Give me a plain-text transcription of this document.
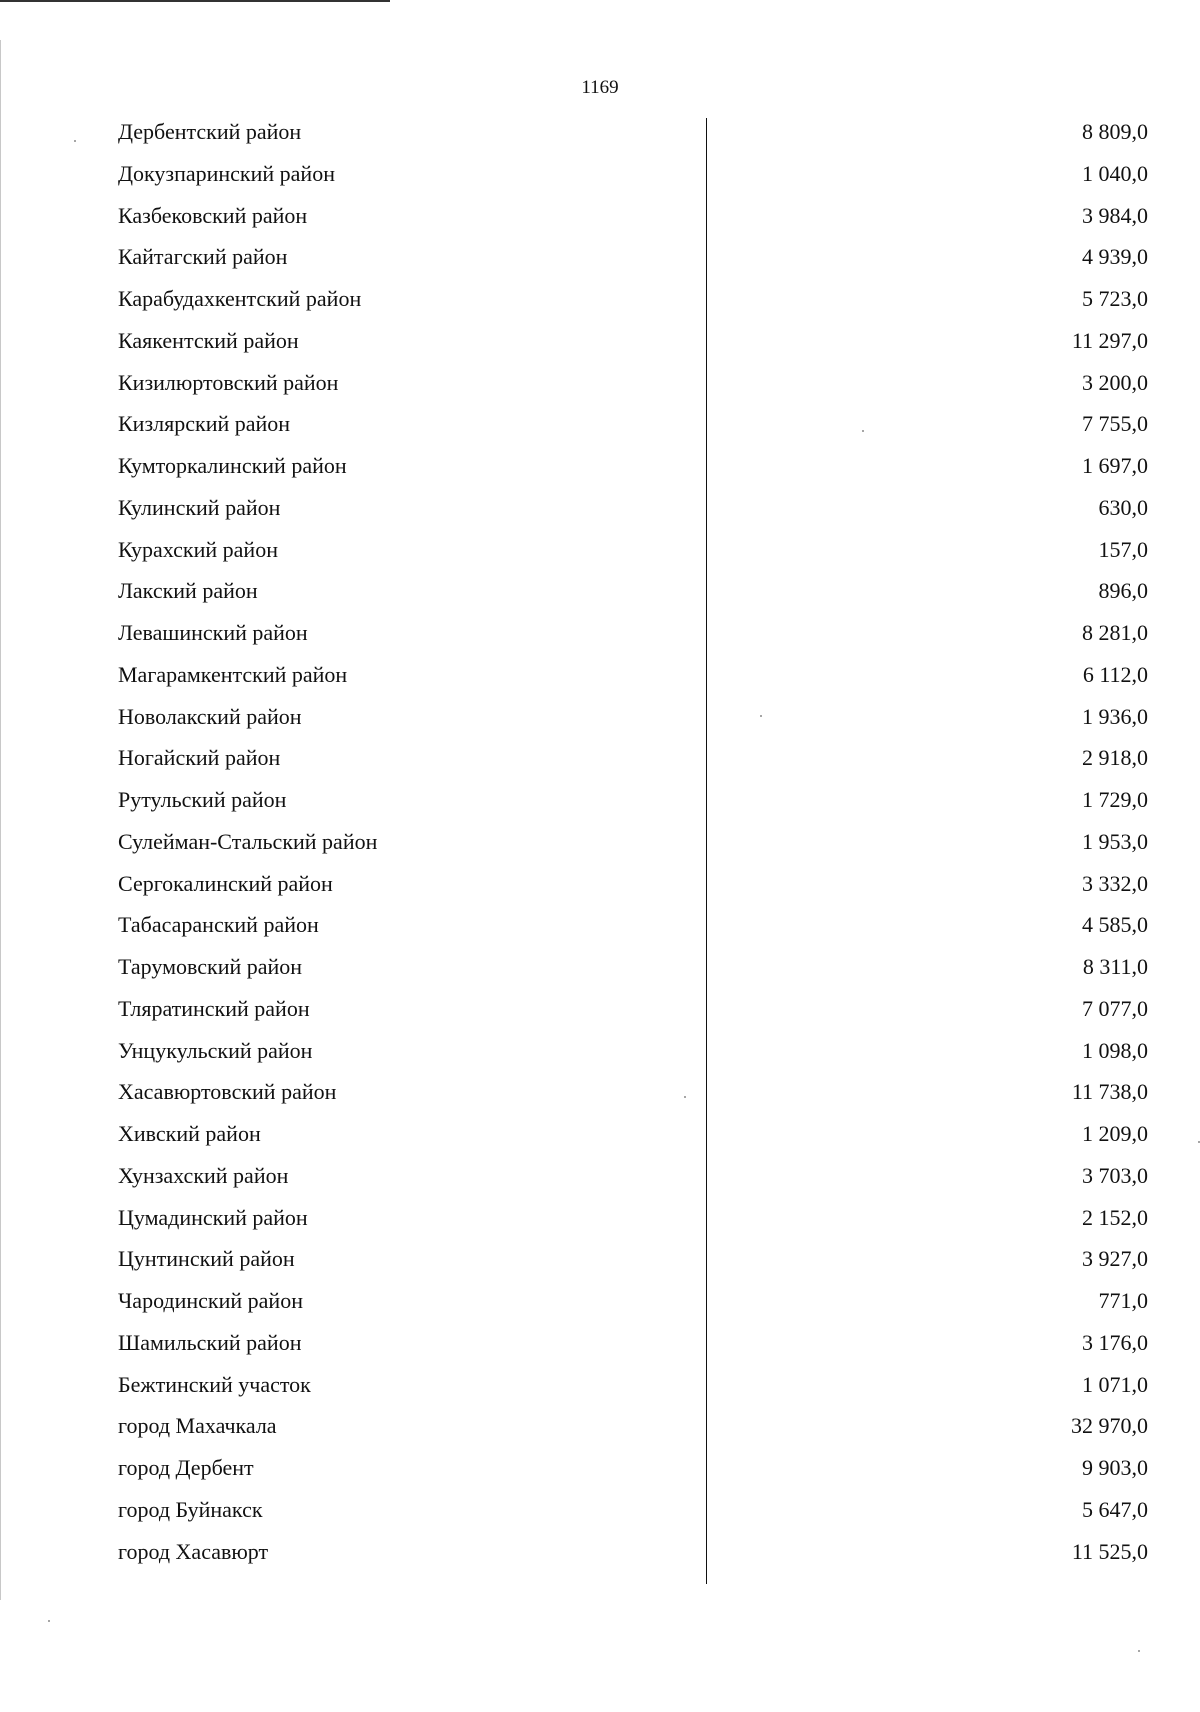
1169
Дербентский район	8 809,0
Докузпаринский район	1 040,0
Казбековский район	3 984,0
Кайтагский район	4 939,0
Карабудахкентский район	5 723,0
Каякентский район	11 297,0
Кизилюртовский район	3 200,0
Кизлярский район	7 755,0
Кумторкалинский район	1 697,0
Кулинский район	630,0
Курахский район	157,0
Лакский район	896,0
Левашинский район	8 281,0
Магарамкентский район	6 112,0
Новолакский район	1 936,0
Ногайский район	2 918,0
Рутульский район	1 729,0
Сулейман-Стальский район	1 953,0
Сергокалинский район	3 332,0
Табасаранский район	4 585,0
Тарумовский район	8 311,0
Тляратинский район	7 077,0
Унцукульский район	1 098,0
Хасавюртовский район	11 738,0
Хивский район	1 209,0
Хунзахский район	3 703,0
Цумадинский район	2 152,0
Цунтинский район	3 927,0
Чародинский район	771,0
Шамильский район	3 176,0
Бежтинский участок	1 071,0
город Махачкала	32 970,0
город Дербент	9 903,0
город Буйнакск	5 647,0
город Хасавюрт	11 525,0
